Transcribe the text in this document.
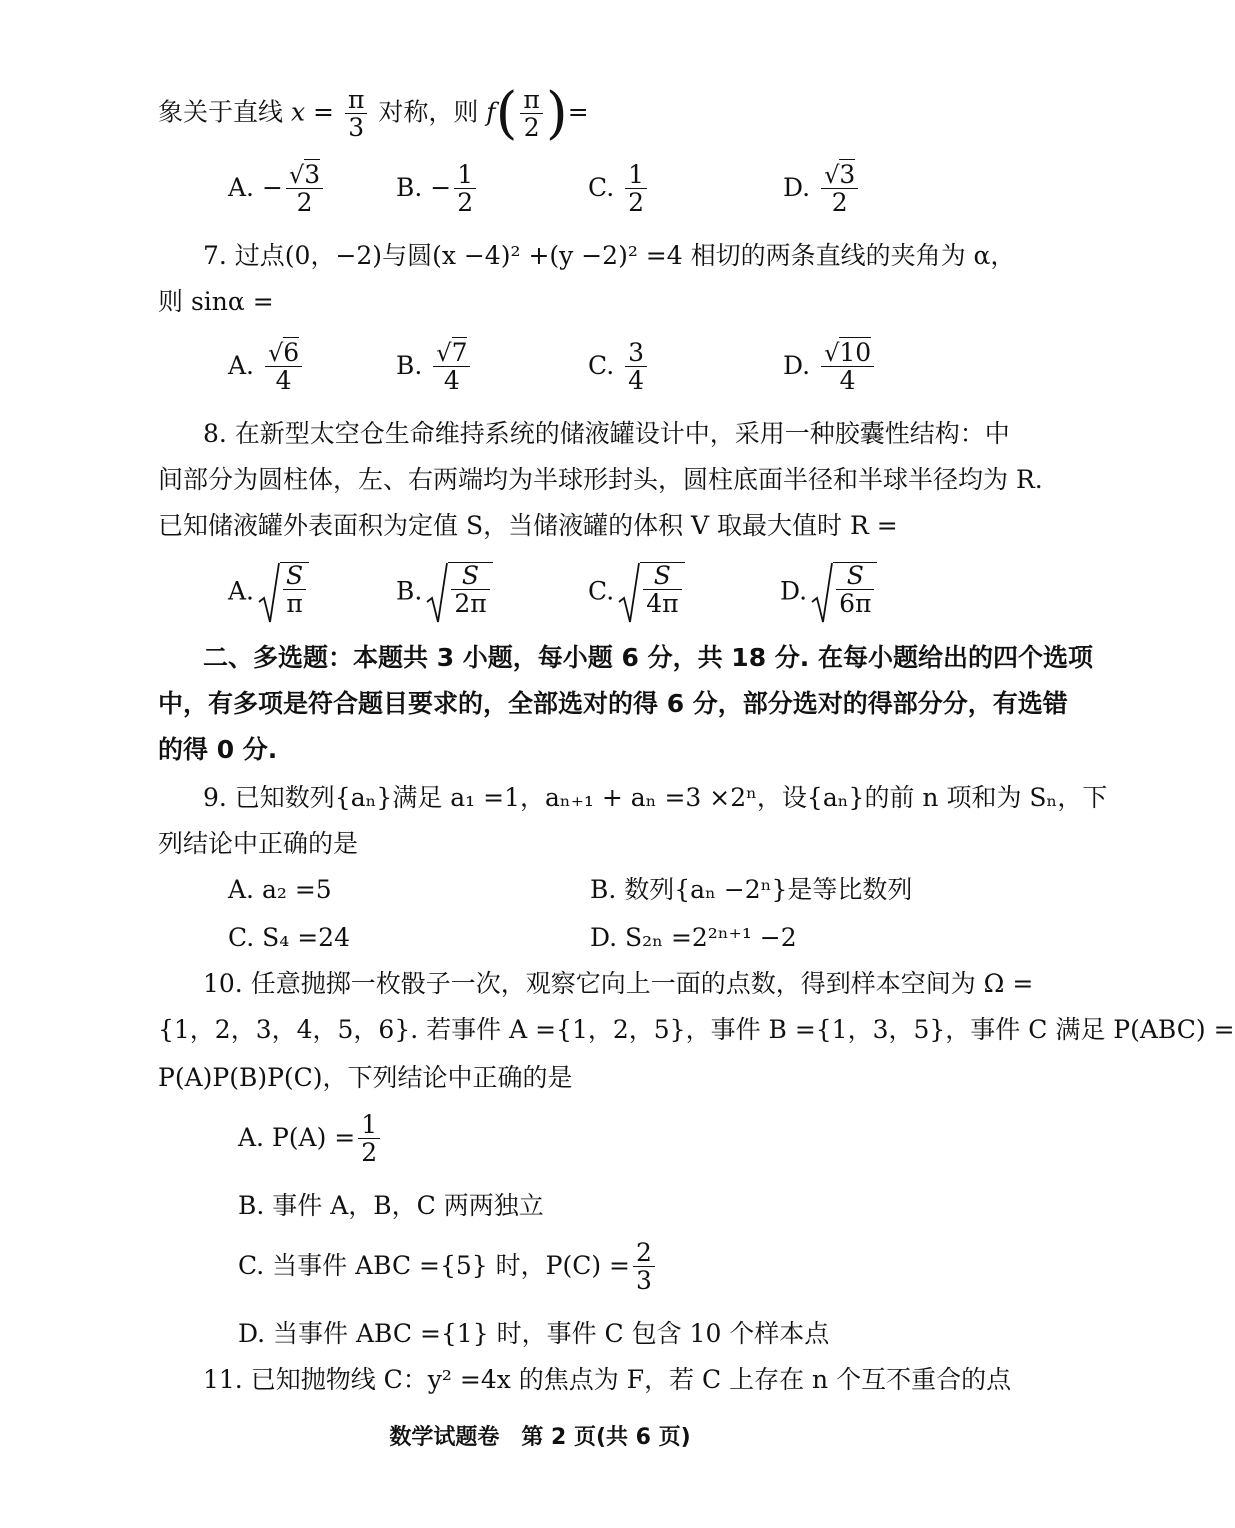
象关于直线 $x = \frac{\pi}{3}$ 对称，则 $f( \frac{\pi}{2}$ )=
A. − $\frac{√3}{2}$	B. − $\frac{1}{2}$	C. $\frac{1}{2}$	D. $\frac{√3}{2}$
7. 过点(0，−2)与圆(x −4)² +(y −2)² =4 相切的两条直线的夹角为 α，
则 sinα =
A. $\frac{√6}{4}$	B. $\frac{√7}{4}$	C. $\frac{3}{4}$	D. $\frac{√10}{4}$
8. 在新型太空仓生命维持系统的储液罐设计中，采用一种胶囊性结构：中
间部分为圆柱体，左、右两端均为半球形封头，圆柱底面半径和半球半径均为 R.
已知储液罐外表面积为定值 S，当储液罐的体积 V 取最大值时 R =
A. $\frac{S}{\pi}$	B. $\frac{S}{2\pi}$	C. $\frac{S}{4\pi}$	D. $\frac{S}{6\pi}$
二、多选题：本题共 3 小题，每小题 6 分，共 18 分. 在每小题给出的四个选项
中，有多项是符合题目要求的，全部选对的得 6 分，部分选对的得部分分，有选错
的得 0 分.
9. 已知数列{aₙ}满足 a₁ =1，aₙ₊₁ + aₙ =3 ×2ⁿ，设{aₙ}的前 n 项和为 Sₙ，下
列结论中正确的是
A. a₂ =5	B. 数列{aₙ −2ⁿ}是等比数列
C. S₄ =24	D. S₂ₙ =2²ⁿ⁺¹ −2
10. 任意抛掷一枚骰子一次，观察它向上一面的点数，得到样本空间为 Ω =
{1，2，3，4，5，6}. 若事件 A ={1，2，5}，事件 B ={1，3，5}，事件 C 满足 P(ABC) =
P(A)P(B)P(C)，下列结论中正确的是
A. $P(A) = \frac{1}{2}$
B. 事件 A，B，C 两两独立
C. 当事件 ABC ={5} 时，$P(C) = \frac{2}{3}$
D. 当事件 ABC ={1} 时，事件 C 包含 10 个样本点
11. 已知抛物线 C：y² =4x 的焦点为 F，若 C 上存在 n 个互不重合的点
数学试题卷　第 2 页(共 6 页)
